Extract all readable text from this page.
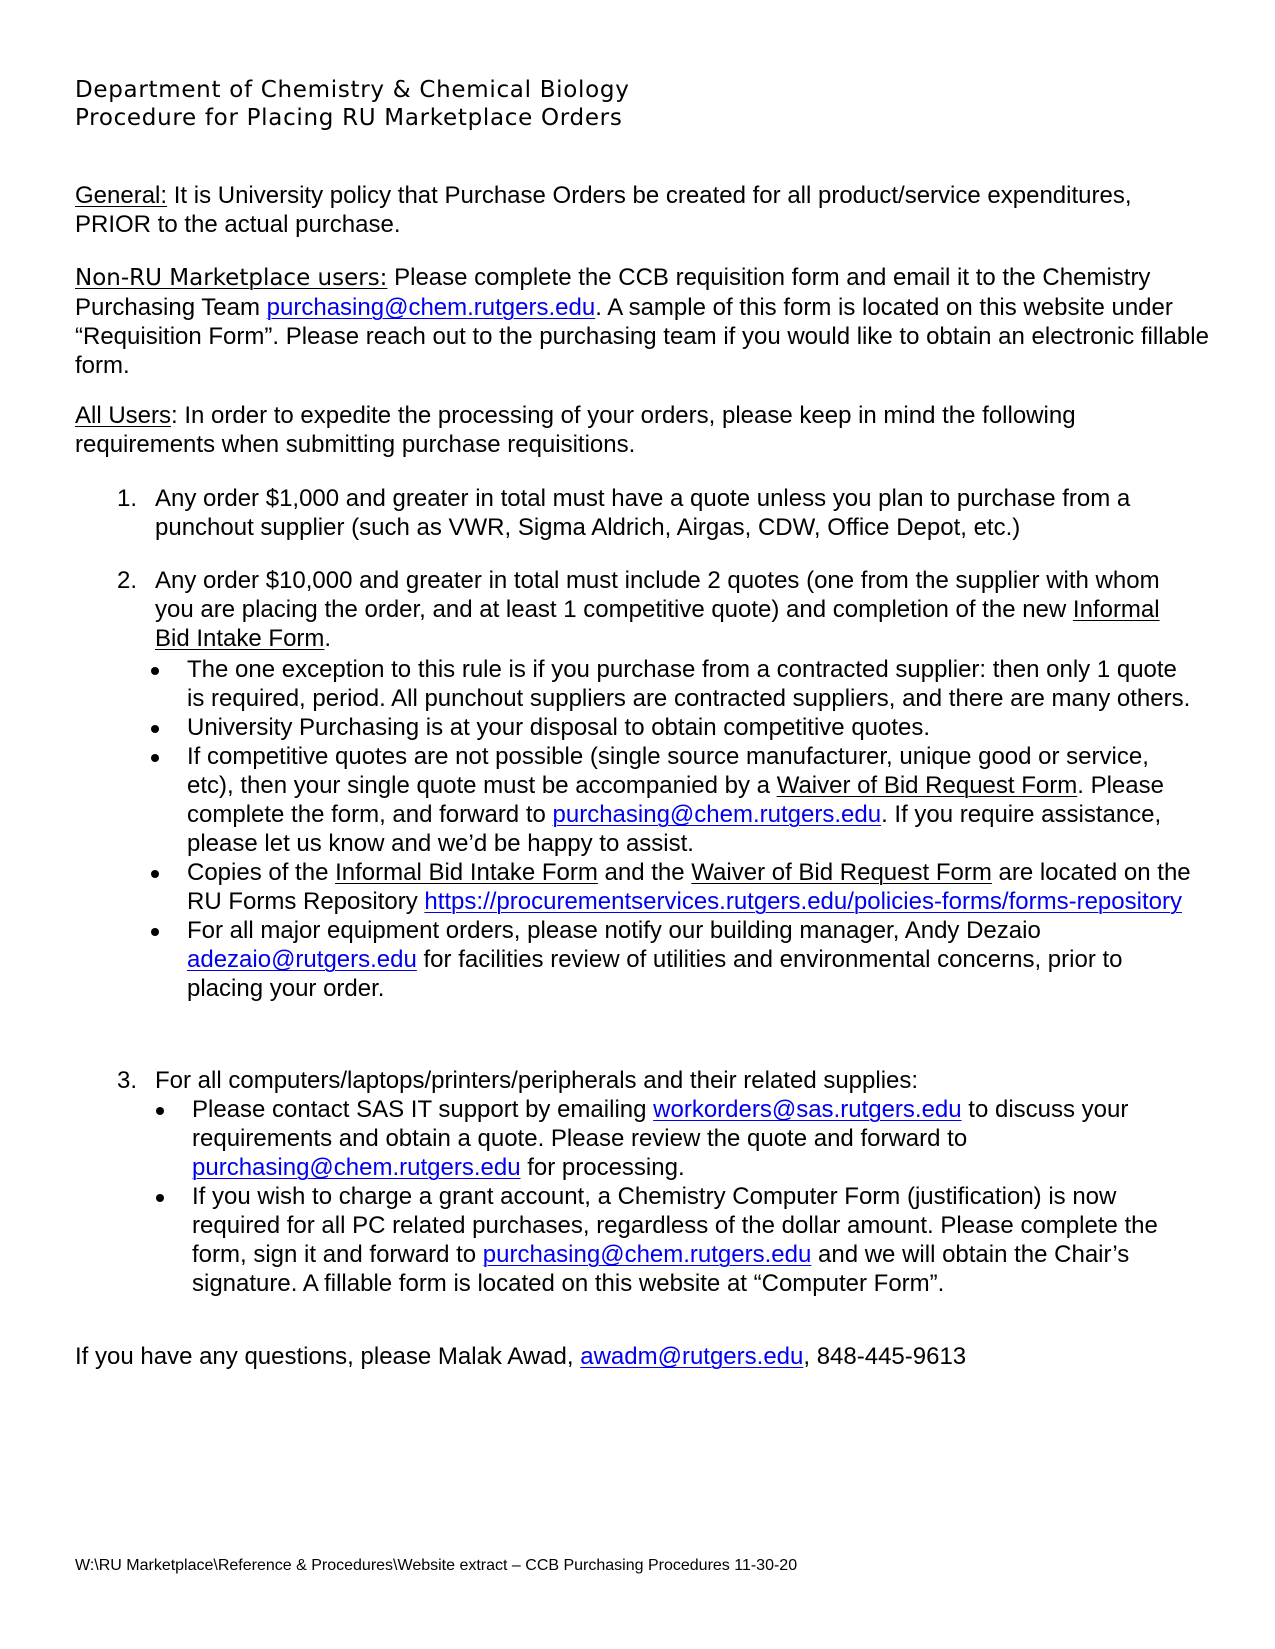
Department of Chemistry & Chemical Biology
Procedure for Placing RU Marketplace Orders
General: It is University policy that Purchase Orders be created for all product/service expenditures, PRIOR to the actual purchase.
Non-RU Marketplace users: Please complete the CCB requisition form and email it to the Chemistry Purchasing Team purchasing@chem.rutgers.edu. A sample of this form is located on this website under “Requisition Form”. Please reach out to the purchasing team if you would like to obtain an electronic fillable form.
All Users: In order to expedite the processing of your orders, please keep in mind the following requirements when submitting purchase requisitions.
1. Any order $1,000 and greater in total must have a quote unless you plan to purchase from a punchout supplier (such as VWR, Sigma Aldrich, Airgas, CDW, Office Depot, etc.)
2. Any order $10,000 and greater in total must include 2 quotes (one from the supplier with whom you are placing the order, and at least 1 competitive quote) and completion of the new Informal Bid Intake Form.
The one exception to this rule is if you purchase from a contracted supplier: then only 1 quote is required, period. All punchout suppliers are contracted suppliers, and there are many others.
University Purchasing is at your disposal to obtain competitive quotes.
If competitive quotes are not possible (single source manufacturer, unique good or service, etc), then your single quote must be accompanied by a Waiver of Bid Request Form. Please complete the form, and forward to purchasing@chem.rutgers.edu. If you require assistance, please let us know and we’d be happy to assist.
Copies of the Informal Bid Intake Form and the Waiver of Bid Request Form are located on the RU Forms Repository https://procurementservices.rutgers.edu/policies-forms/forms-repository
For all major equipment orders, please notify our building manager, Andy Dezaio adezaio@rutgers.edu for facilities review of utilities and environmental concerns, prior to placing your order.
3. For all computers/laptops/printers/peripherals and their related supplies:
Please contact SAS IT support by emailing workorders@sas.rutgers.edu to discuss your requirements and obtain a quote. Please review the quote and forward to purchasing@chem.rutgers.edu for processing.
If you wish to charge a grant account, a Chemistry Computer Form (justification) is now required for all PC related purchases, regardless of the dollar amount. Please complete the form, sign it and forward to purchasing@chem.rutgers.edu and we will obtain the Chair’s signature. A fillable form is located on this website at “Computer Form”.
If you have any questions, please Malak Awad, awadm@rutgers.edu, 848-445-9613
W:\RU Marketplace\Reference & Procedures\Website extract – CCB Purchasing Procedures 11-30-20
